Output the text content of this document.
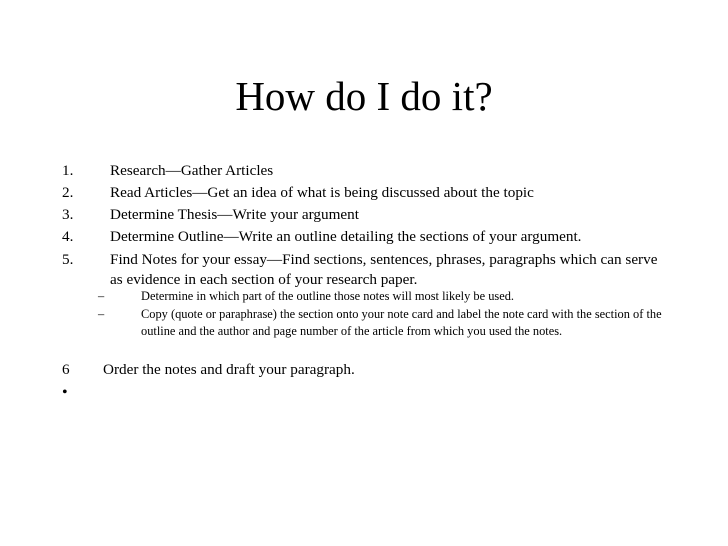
How do I do it?
1. Research—Gather Articles
2. Read Articles—Get an idea of what is being discussed about the topic
3. Determine Thesis—Write your argument
4. Determine Outline—Write an outline detailing the sections of your argument.
5. Find Notes for your essay—Find sections, sentences, phrases, paragraphs which can serve as evidence in each section of your research paper.
–	Determine in which part of the outline those notes will most likely be used.
–	Copy (quote or paraphrase) the section onto your note card and label the note card with the section of the outline and the author and page number of the article from which you used the notes.
6 Order the notes and draft your paragraph.
•
